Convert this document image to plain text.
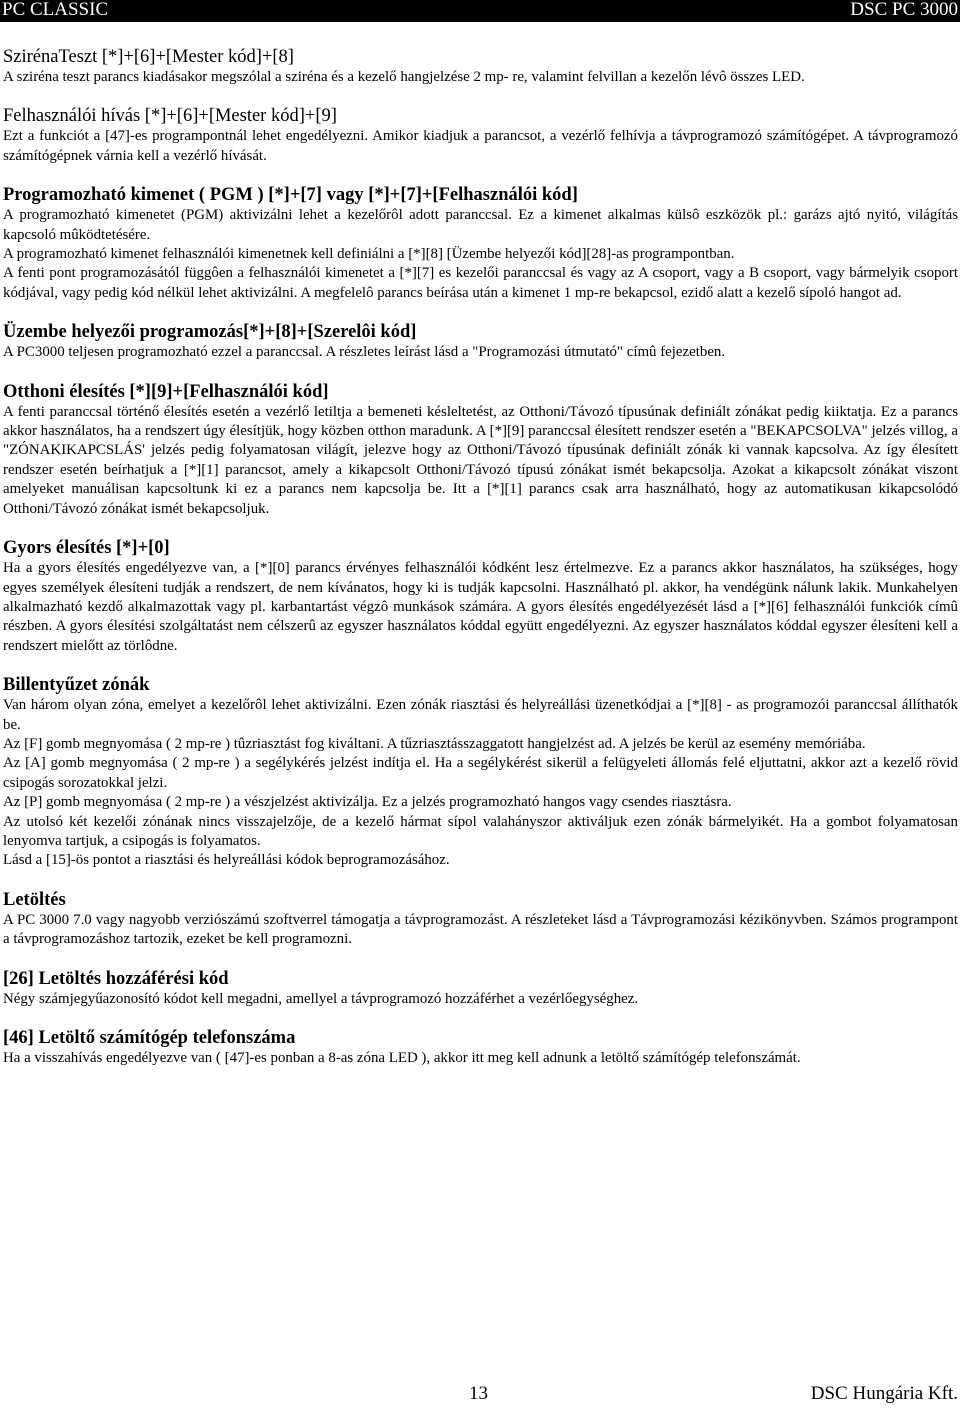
PC CLASSIC	DSC PC 3000
Sziréna​Teszt [*]+[6]+[Mester kód]+[8]

A sziréna teszt parancs kiadásakor megszólal a sziréna és a kezelő hangjelzése 2 mp- re, valamint felvillan a kezelőn lévô összes LED.

Felhasználói hívás [*]+[6]+[Mester kód]+[9]

Ezt a funkciót a [47]-es programpontnál lehet engedélyezni. Amikor kiadjuk a parancsot, a vezérlő felhívja a távprogramozó számítógépet. A távprogramozó számítógépnek várnia kell a vezérlő hívását.

Programozható kimenet ( PGM ) [*]+[7] vagy [*]+[7]+[Felhasználói kód]

A programozható kimenetet (PGM) aktivizálni lehet a kezelőrôl adott paranccsal. Ez a kimenet alkalmas külsô eszközök pl.: garázs ajtó nyitó, világítás kapcsoló mûködtetésére.

A programozható kimenet felhasználói kimenetnek kell definiálni a [*][8] [Üzembe helyezői kód][28]-as programpontban.

A fenti pont programozásától függôen a felhasználói kimenetet a [*][7] es kezelői paranccsal és vagy az A csoport, vagy a B csoport, vagy bármelyik csoport kódjával, vagy pedig kód nélkül lehet aktivizálni. A megfelelô parancs beírása után a kimenet 1 mp-re bekapcsol, ezidő alatt a kezelő sípoló hangot ad.

Üzembe helyezői programozás[*]+[8]+[Szerelôi kód]

A PC3000 teljesen programozható ezzel a paranccsal. A részletes leírást lásd a "Programozási útmutató" címû fejezetben.

Otthoni élesítés [*][9]+[Felhasználói kód]

A fenti paranccsal történő élesítés esetén a vezérlő letiltja a bemeneti késleltetést, az Otthoni/Távozó típusúnak definiált zónákat pedig kiiktatja. Ez a parancs akkor használatos, ha a rendszert úgy élesítjük, hogy közben otthon maradunk. A [*][9] paranccsal élesített rendszer esetén a "BEKAPCSOLVA" jelzés villog, a "ZÓNAKIKAPCSLÁS' jelzés pedig folyamatosan világít, jelezve hogy az Otthoni/Távozó típusúnak definiált zónák ki vannak kapcsolva. Az így élesített rendszer esetén beírhatjuk a [*][1] parancsot, amely a kikapcsolt Otthoni/Távozó típusú zónákat ismét bekapcsolja. Azokat a kikapcsolt zónákat viszont amelyeket manuálisan kapcsoltunk ki ez a parancs nem kapcsolja be. Itt a [*][1] parancs csak arra használható, hogy az automatikusan kikapcsolódó Otthoni/Távozó zónákat ismét bekapcsoljuk.

Gyors élesítés [*]+[0]

Ha a gyors élesítés engedélyezve van, a [*][0] parancs érvényes felhasználói kódként lesz értelmezve. Ez a parancs akkor használatos, ha szükséges, hogy egyes személyek élesíteni tudják a rendszert, de nem kívánatos, hogy ki is tudják kapcsolni. Használható pl. akkor, ha vendégünk nálunk lakik. Munkahelyen alkalmazható kezdő alkalmazottak vagy pl. karbantartást végzô munkások számára. A gyors élesítés engedélyezését lásd a [*][6] felhasználói funkciók címû részben. A gyors élesítési szolgáltatást nem célszerû az egyszer használatos kóddal együtt engedélyezni. Az egyszer használatos kóddal egyszer élesíteni kell a rendszert mielőtt az törlôdne.

Billentyűzet zónák

Van három olyan zóna, emelyet a kezelőrôl lehet aktivizálni. Ezen zónák riasztási és helyreállási üzenetkódjai a [*][8] - as programozói paranccsal állíthatók be.

Az [F] gomb megnyomása ( 2 mp-re ) tûzriasztást fog kiváltani. A tűzriasztásszaggatott hangjelzést ad. A jelzés be kerül az esemény memóriába.

Az [A] gomb megnyomása ( 2 mp-re ) a segélykérés jelzést indítja el. Ha a segélykérést sikerül a felügyeleti állomás felé eljuttatni, akkor azt a kezelő rövid csipogás sorozatokkal jelzi.

Az [P] gomb megnyomása ( 2 mp-re ) a vészjelzést aktivizálja. Ez a jelzés programozható hangos vagy csendes riasztásra.

Az utolsó két kezelői zónának nincs visszajelzője, de a kezelő hármat sípol valahányszor aktiváljuk ezen zónák bármelyikét. Ha a gombot folyamatosan lenyomva tartjuk, a csipogás is folyamatos.

Lásd a [15]-ös pontot a riasztási és helyreállási kódok beprogramozásához.

Letöltés

A PC 3000 7.0 vagy nagyobb verziószámú szoftverrel támogatja a távprogramozást. A részleteket lásd a Távprogramozási kézikönyvben. Számos programpont a távprogramozáshoz tartozik, ezeket be kell programozni.

[26] Letöltés hozzáférési kód

Négy számjegyűazonosító kódot kell megadni, amellyel a távprogramozó hozzáférhet a vezérlőegységhez.

[46] Letöltő számítógép telefonszáma

Ha a visszahívás engedélyezve van ( [47]-es ponban a 8-as zóna LED ), akkor itt meg kell adnunk a letöltő számítógép telefonszámát.

13	DSC Hungária Kft.
